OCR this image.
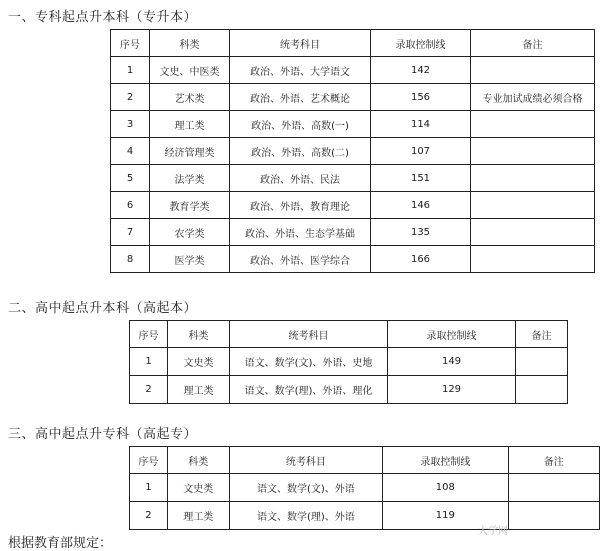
一、专科起点升本科（专升本）
序号	科类	统考科目	录取控制线	备注
1	文史、中医类	政治、外语、大学语文	142	
2	艺术类	政治、外语、艺术概论	156	专业加试成绩必须合格
3	理工类	政治、外语、高数(一)	114	
4	经济管理类	政治、外语、高数(二)	107	
5	法学类	政治、外语、民法	151	
6	教育学类	政治、外语、教育理论	146	
7	农学类	政治、外语、生态学基础	135	
8	医学类	政治、外语、医学综合	166	
二、高中起点升本科（高起本）
序号	科类	统考科目	录取控制线	备注
1	文史类	语文、数学(文)、外语、史地	149	
2	理工类	语文、数学(理)、外语、理化	129	
三、高中起点升专科（高起专）
序号	科类	统考科目	录取控制线	备注
1	文史类	语文、数学(文)、外语	108	
2	理工类	语文、数学(理)、外语	119	
大学网
根据教育部规定：
